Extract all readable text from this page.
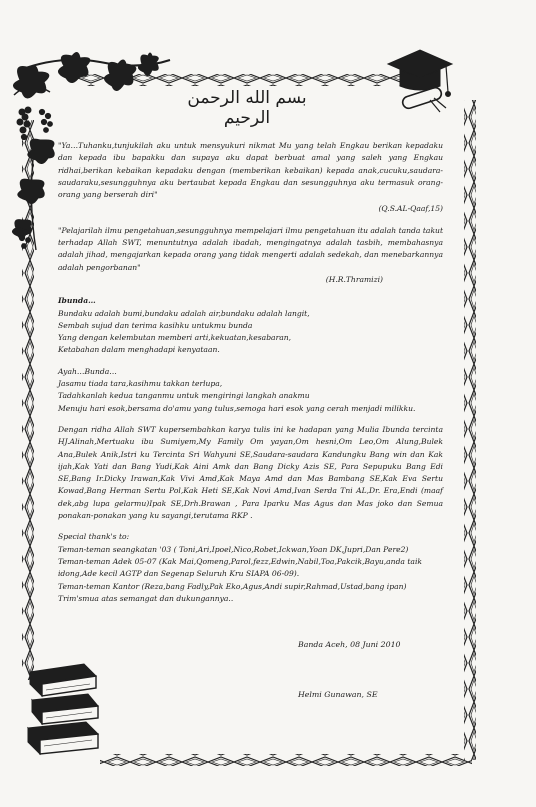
بسم الله الرحمن الرحيم

"Ya…Tuhanku,tunjukilah aku untuk mensyukuri nikmat Mu yang telah Engkau berikan kepadaku dan kepada ibu bapakku dan supaya aku dapat berbuat amal yang saleh yang Engkau ridhai,berikan kebaikan kepadaku dengan (memberikan kebaikan) kepada anak,cucuku,saudara-saudaraku,sesungguhnya aku bertaubat kepada Engkau dan sesungguhnya aku termasuk orang-orang yang berserah diri"

(Q.S.AL-Qaaf,15)

"Pelajarilah ilmu pengetahuan,sesungguhnya mempelajari ilmu pengetahuan itu adalah tanda takut terhadap Allah SWT, menuntutnya adalah ibadah, mengingatnya adalah tasbih, membahasnya adalah jihad, mengajarkan kepada orang yang tidak mengerti adalah sedekah, dan menebarkannya adalah pengorbanan"

(H.R.Thramizi)

Ibunda…

Bundaku adalah bumi,bundaku adalah air,bundaku adalah langit,

Sembah sujud dan terima kasihku untukmu bunda

Yang dengan kelembutan memberi arti,kekuatan,kesabaran,

Ketabahan dalam menghadapi kenyataan.

Ayah…Bunda…

Jasamu tiada tara,kasihmu takkan terlupa,

Tadahkanlah kedua tanganmu untuk mengiringi langkah anakmu

Menuju hari esok,bersama do'amu yang tulus,semoga hari esok yang cerah menjadi milikku.

Dengan ridha Allah SWT kupersembahkan karya tulis ini ke hadapan yang Mulia Ibunda tercinta HJ.Alinah,Mertuaku ibu Sumiyem,My Family Om yayan,Om hesni,Om Leo,Om Alung,Bulek Ana,Bulek Anik,Istri ku Tercinta Sri Wahyuni SE,Saudara-saudara Kandungku Bang win dan Kak ijah,Kak Yati dan Bang Yudi,Kak Aini Amk dan Bang Dicky Azis SE, Para Sepupuku Bang Edi SE,Bang Ir.Dicky Irawan,Kak Vivi Amd,Kak Maya Amd dan Mas Bambang SE,Kak Eva Sertu Kowad,Bang Herman Sertu Pol,Kak Heti SE,Kak Novi Amd,Ivan Serda Tni AL,Dr. Era,Endi (maaf dek,abg lupa gelarmu)Ipak SE,Drh.Brawan , Para Iparku Mas Agus dan Mas joko dan Semua ponakan-ponakan yang ku sayangi,terutama RKP .

Special thank's to:

Teman-teman seangkatan '03 ( Toni,Ari,Ipoel,Nico,Robet,Ickwan,Yoan DK,Jupri,Dan Pere2)

Teman-teman Adek 05-07 (Kak Mai,Qomeng,Parol,fezz,Edwin,Nabil,Toa,Pakcik,Bayu,anda taik idong,Ade kecil AGTP dan Segenap Seluruh Kru SIAPA 06-09).

Teman-teman Kantor (Reza,bang Fadly,Pak Eko,Agus,Andi supir,Rahmad,Ustad,bang ipan)

Trim'smua atas semangat dan dukungannya..

Banda Aceh, 08 Juni 2010
Helmi Gunawan, SE
